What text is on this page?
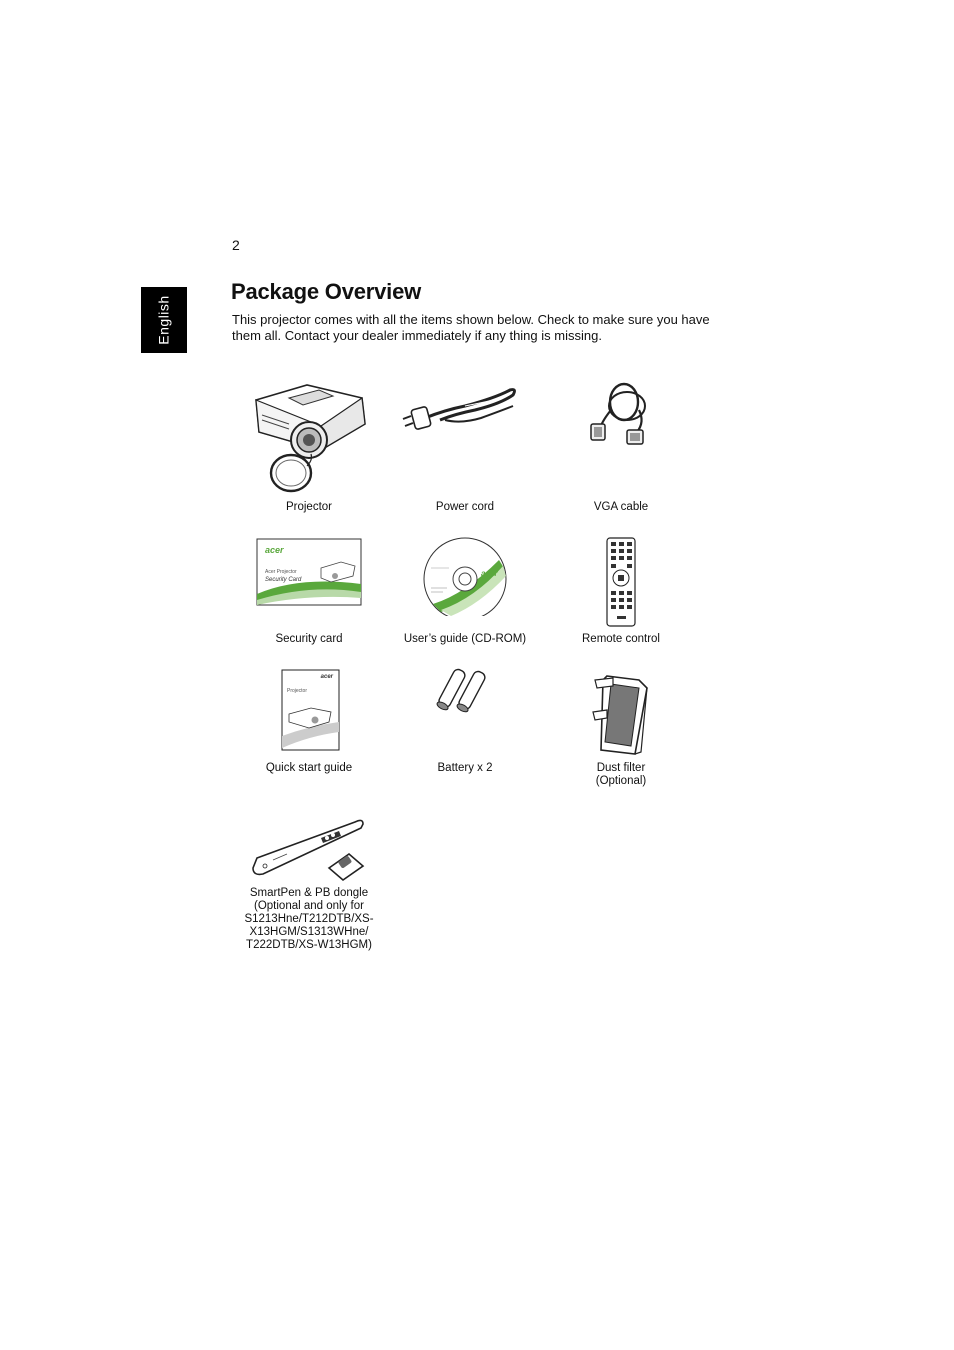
2
English
Package Overview

This projector comes with all the items shown below. Check to make sure you have them all. Contact your dealer immediately if any thing is missing.

Projector	Power cord	VGA cable
acer
Acer Projector
Security Card
Security card
acer
User’s guide (CD-ROM)	Remote control
acer
Projector
Quick start guide	Battery x 2	Dust filter
(Optional)
SmartPen & PB dongle
(Optional and only for
S1213Hne/T212DTB/XS-
X13HGM/S1313WHne/
T222DTB/XS-W13HGM)
